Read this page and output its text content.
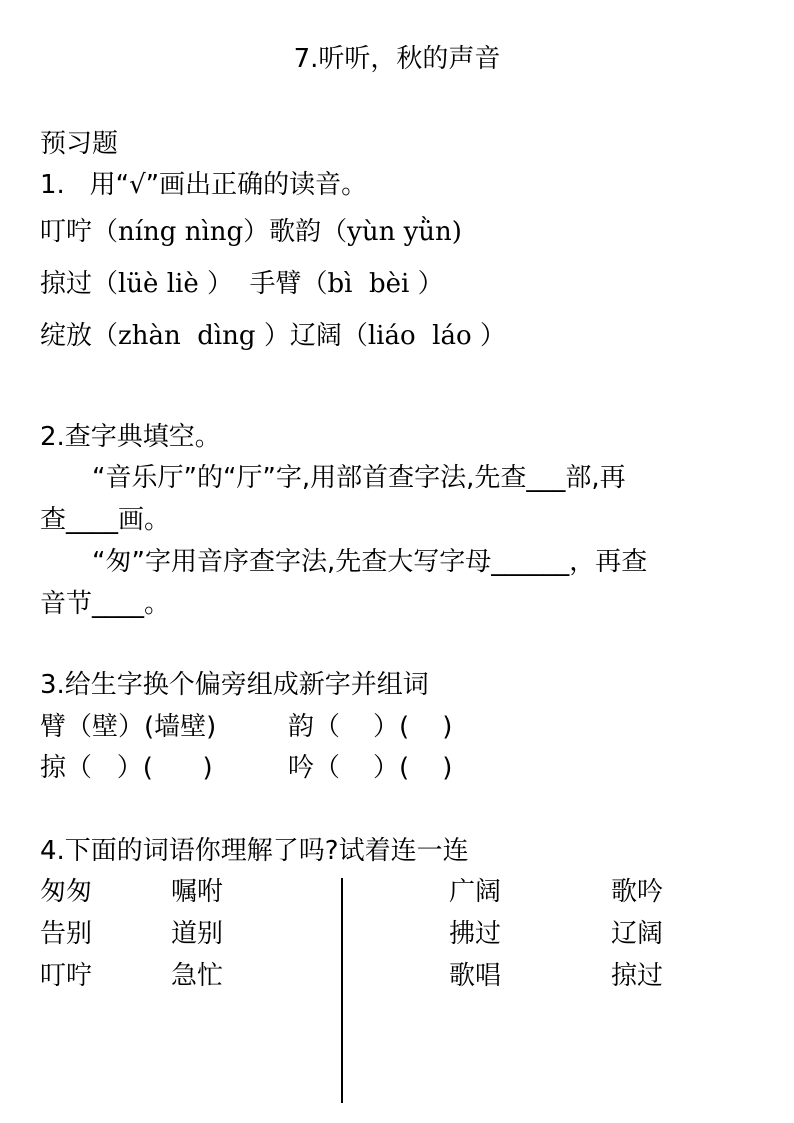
7.听听，秋的声音
预习题
1.   用“√”画出正确的读音。
叮咛（níng nìng）歌韵（yùn yǜn)
掠过（lüè liè ）  手臂（bì  bèi ）
绽放（zhàn  dìng ）辽阔（liáo  láo ）
2.查字典填空。
“音乐厅”的“厅”字,用部首查字法,先查___部,再
查____画。
“匆”字用音序查字法,先查大写字母______，再查
音节____。
3.给生字换个偏旁组成新字并组词
臂（壁）(墙壁)	韵（    ）(    )
掠（   ）(      )	吟（    ）(    )
4.下面的词语你理解了吗?试着连一连
匆匆
告别
叮咛
嘱咐
道别
急忙
广阔
拂过
歌唱
歌吟
辽阔
掠过
